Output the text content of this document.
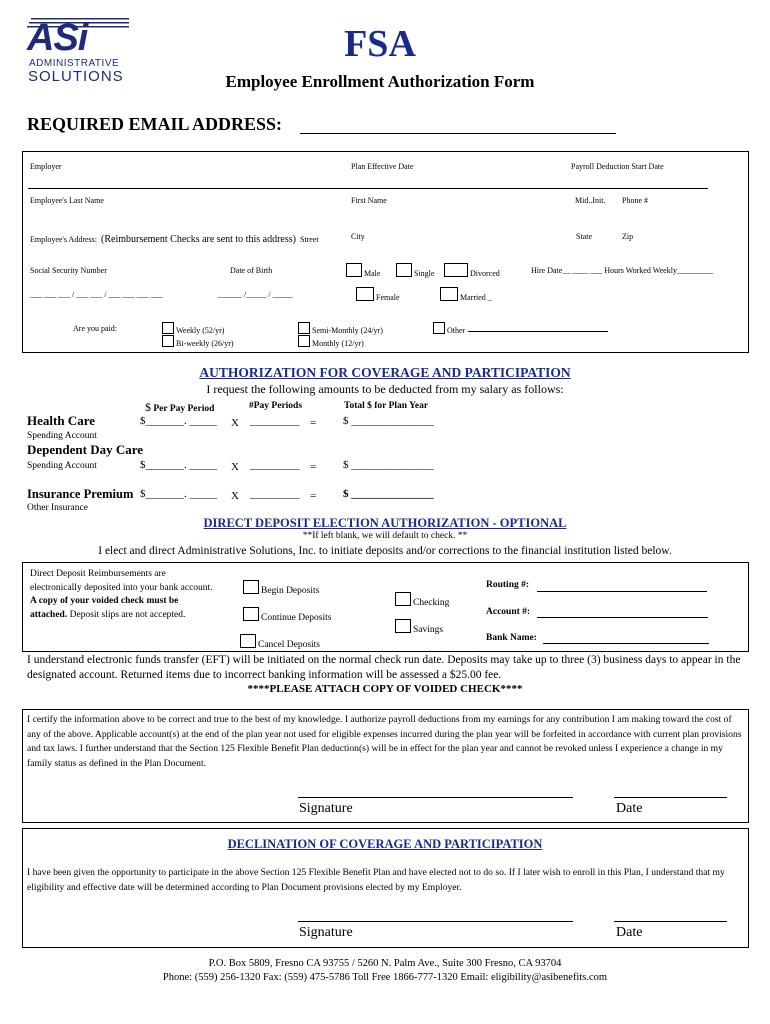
ASi
ADMINISTRATIVE
SOLUTIONS
FSA
Employee Enrollment Authorization Form
REQUIRED EMAIL ADDRESS:
Employer	Plan Effective Date	Payroll Deduction Start Date
Employee's Last Name	First Name	Mid..Init. Phone #
Employee's Address: (Reimbursement Checks are sent to this address) Street	City	State	Zip
Social Security Number	Date of Birth	Male	Single	Divorced	Hire Date__ ____ ___ Hours Worked Weekly_________
___ ___ ___ / ___ ___ / ___ ___ ___ ___	______ /_____ / _____	Female	Married _
Are you paid:	Weekly (52/yr)
Bi-weekly (26/yr)
Semi-Monthly (24/yr)
Monthly (12/yr)
Other
AUTHORIZATION FOR COVERAGE AND PARTICIPATION
I request the following amounts to be deducted from my salary as follows:
$ Per Pay Period	#Pay Periods	Total $ for Plan Year
Health Care	$_______. _____ X _________ = $ _______________
Spending Account
Dependent Day Care
Spending Account	$_______. _____ X _________ = $ _______________
Insurance Premium $_______. _____ X _________ = $ _______________
Other Insurance
DIRECT DEPOSIT ELECTION AUTHORIZATION - OPTIONAL
**If left blank, we will default to check. **
I elect and direct Administrative Solutions, Inc. to initiate deposits and/or corrections to the financial institution listed below.
Direct Deposit Reimbursements are electronically deposited into your bank account. A copy of your voided check must be attached. Deposit slips are not accepted.
Begin Deposits
Continue Deposits
Cancel Deposits
Checking
Savings
Routing #:
Account #:
Bank Name:
I understand electronic funds transfer (EFT) will be initiated on the normal check run date. Deposits may take up to three (3) business days to appear in the designated account. Returned items due to incorrect banking information will be assessed a $25.00 fee.
****PLEASE ATTACH COPY OF VOIDED CHECK****
I certify the information above to be correct and true to the best of my knowledge. I authorize payroll deductions from my earnings for any contribution I am making toward the cost of any of the above. Applicable account(s) at the end of the plan year not used for eligible expenses incurred during the plan year will be forfeited in accordance with current plan provisions and tax laws. I further understand that the Section 125 Flexible Benefit Plan deduction(s) will be in effect for the plan year and cannot be revoked unless I experience a change in my family status as defined in the Plan Document.
Signature	Date
DECLINATION OF COVERAGE AND PARTICIPATION
I have been given the opportunity to participate in the above Section 125 Flexible Benefit Plan and have elected not to do so. If I later wish to enroll in this Plan, I understand that my eligibility and effective date will be determined according to Plan Document provisions elected by my Employer.
Signature	Date
P.O. Box 5809, Fresno CA 93755 / 5260 N. Palm Ave., Suite 300 Fresno, CA 93704
Phone: (559) 256-1320 Fax: (559) 475-5786 Toll Free 1866-777-1320 Email: eligibility@asibenefits.com
